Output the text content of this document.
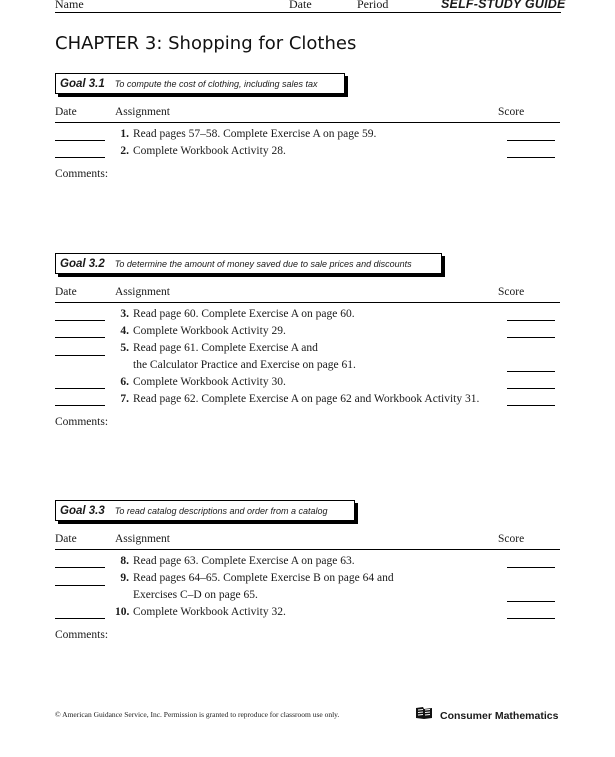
Name	Date	Period	SELF-STUDY GUIDE
CHAPTER 3: Shopping for Clothes
Goal 3.1 To compute the cost of clothing, including sales tax
Date	Assignment	Score
1. Read pages 57–58. Complete Exercise A on page 59.
2. Complete Workbook Activity 28.
Comments:
Goal 3.2 To determine the amount of money saved due to sale prices and discounts
Date	Assignment	Score
3. Read page 60. Complete Exercise A on page 60.
4. Complete Workbook Activity 29.
5. Read page 61. Complete Exercise A and
the Calculator Practice and Exercise on page 61.
6. Complete Workbook Activity 30.
7. Read page 62. Complete Exercise A on page 62 and Workbook Activity 31.
Comments:
Goal 3.3 To read catalog descriptions and order from a catalog
Date	Assignment	Score
8. Read page 63. Complete Exercise A on page 63.
9. Read pages 64–65. Complete Exercise B on page 64 and
Exercises C–D on page 65.
10. Complete Workbook Activity 32.
Comments:
© American Guidance Service, Inc. Permission is granted to reproduce for classroom use only.	Consumer Mathematics
